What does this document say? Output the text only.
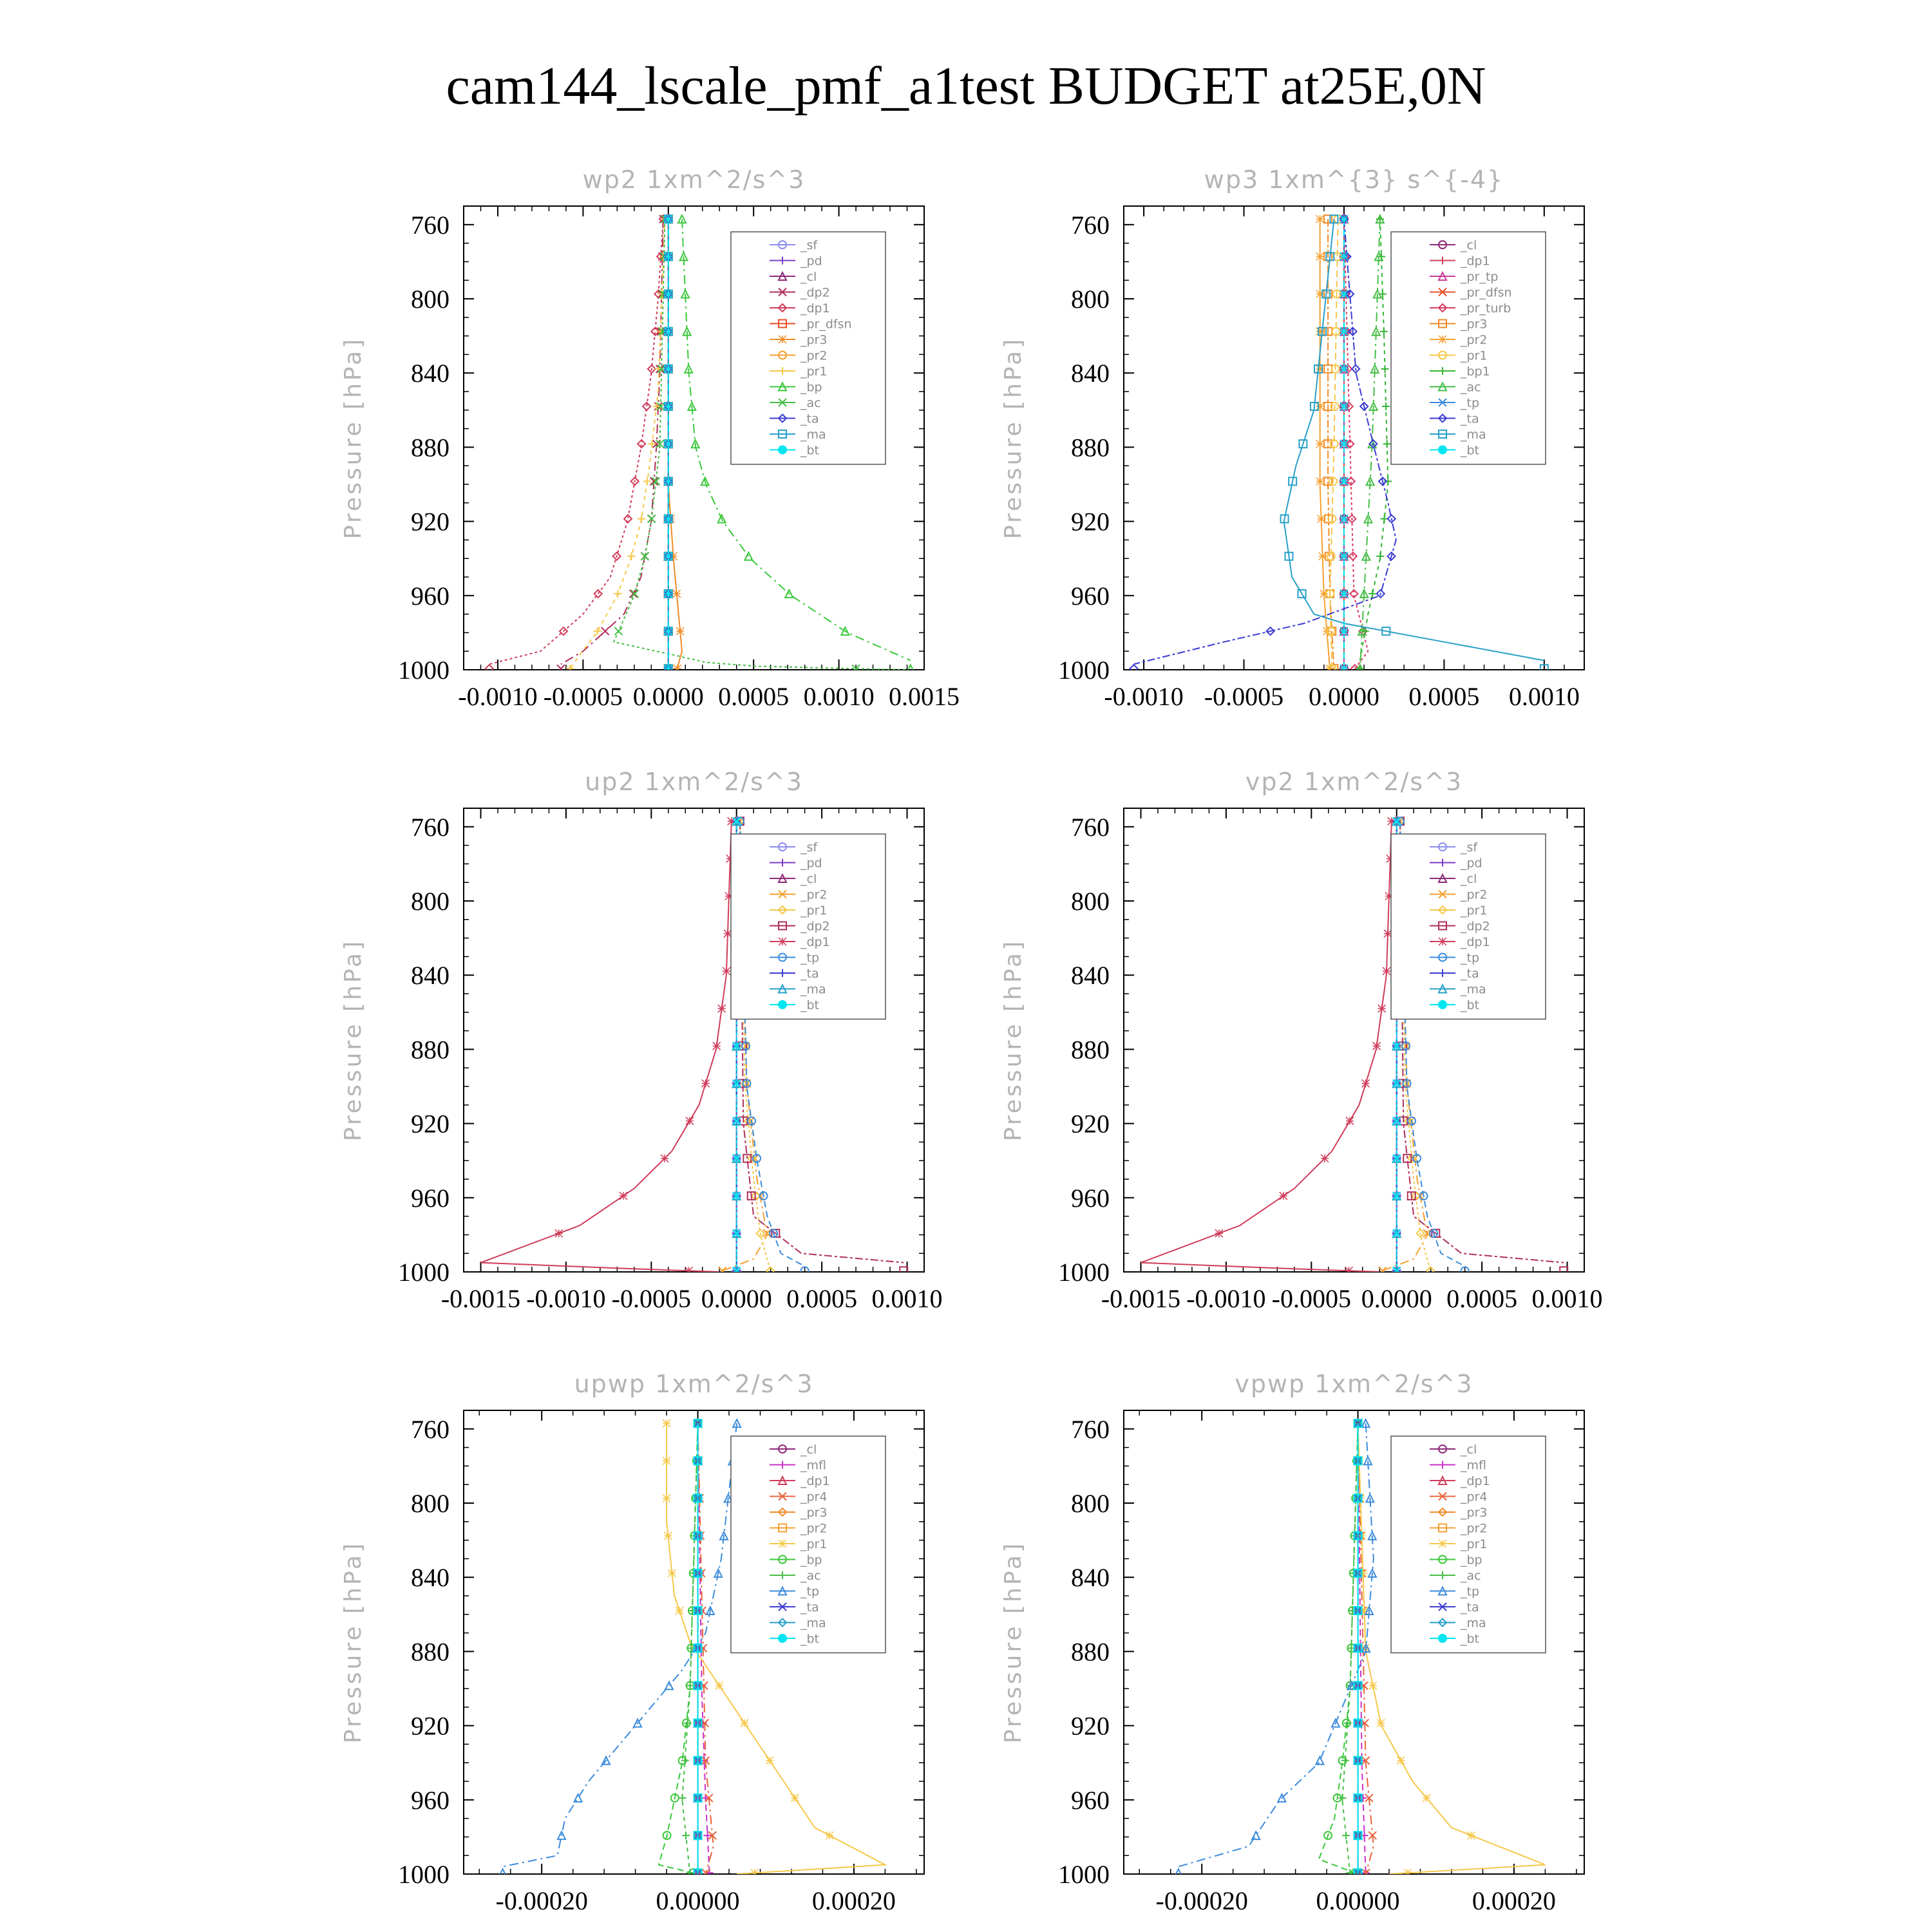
cam144_lscale_pmf_a1test BUDGET at25E,0N
wp2 1xm^2/s^3
Pressure [hPa]
-0.0010 -0.0005 0.0000 0.0005 0.0010 0.0015
760
800
840
880
920
960
1000
_sf
_pd
_cl
_dp2
_dp1
_pr_dfsn
_pr3
_pr2
_pr1
_bp
_ac
_ta
_ma
_bt
wp3 1xm^{3} s^{-4}
Pressure [hPa]
-0.0010 -0.0005 0.0000 0.0005 0.0010
760
800
840
880
920
960
1000
_cl
_dp1
_pr_tp
_pr_dfsn
_pr_turb
_pr3
_pr2
_pr1
_bp1
_ac
_tp
_ta
_ma
_bt
up2 1xm^2/s^3
Pressure [hPa]
-0.0015 -0.0010 -0.0005 0.0000 0.0005 0.0010
760
800
840
880
920
960
1000
_sf
_pd
_cl
_pr2
_pr1
_dp2
_dp1
_tp
_ta
_ma
_bt
vp2 1xm^2/s^3
Pressure [hPa]
-0.0015 -0.0010 -0.0005 0.0000 0.0005 0.0010
760
800
840
880
920
960
1000
_sf
_pd
_cl
_pr2
_pr1
_dp2
_dp1
_tp
_ta
_ma
_bt
upwp 1xm^2/s^3
Pressure [hPa]
-0.00020	0.00000	0.00020
760
800
840
880
920
960
1000
_cl
_mfl
_dp1
_pr4
_pr3
_pr2
_pr1
_bp
_ac
_tp
_ta
_ma
_bt
vpwp 1xm^2/s^3
Pressure [hPa]
-0.00020	0.00000	0.00020
760
800
840
880
920
960
1000
_cl
_mfl
_dp1
_pr4
_pr3
_pr2
_pr1
_bp
_ac
_tp
_ta
_ma
_bt
